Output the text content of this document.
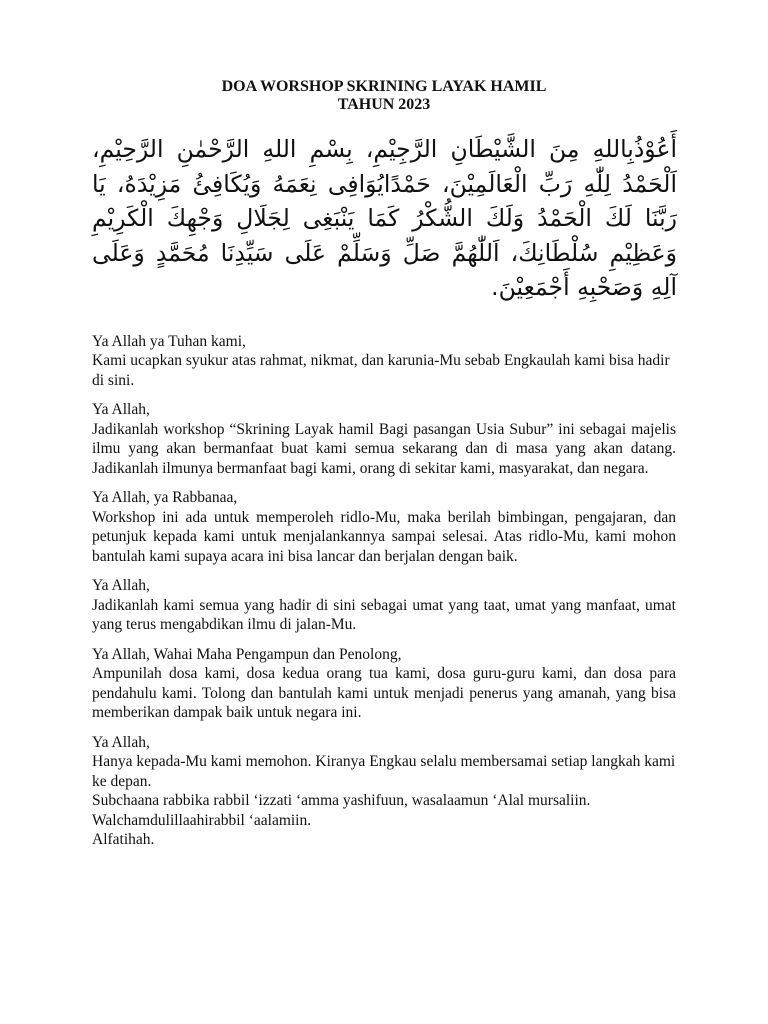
DOA WORSHOP SKRINING LAYAK HAMIL
TAHUN 2023
أَعُوْذُبِاللهِ مِنَ الشَّيْطَانِ الرَّجِيْمِ، بِسْمِ اللهِ الرَّحْمٰنِ الرَّحِيْمِ، اَلْحَمْدُ لِلّٰهِ رَبِّ الْعَالَمِيْنَ، حَمْدًايُوَافِى نِعَمَهُ وَيُكَافِئُ مَزِيْدَهُ، يَا رَبَّنَا لَكَ الْحَمْدُ وَلَكَ الشُّكْرُ كَمَا يَنْبَغِى لِجَلَالِ وَجْهِكَ الْكَرِيْمِ وَعَظِيْمِ سُلْطَانِكَ، اَللّٰهُمَّ صَلِّ وَسَلِّمْ عَلَى سَيِّدِنَا مُحَمَّدٍ وَعَلَى آلِهِ وَصَحْبِهِ أَجْمَعِيْنَ.
Ya Allah ya Tuhan kami,
Kami ucapkan syukur atas rahmat, nikmat, dan karunia-Mu sebab Engkaulah kami bisa hadir di sini.
Ya Allah,
Jadikanlah workshop “Skrining Layak hamil Bagi pasangan Usia Subur” ini sebagai majelis ilmu yang akan bermanfaat buat kami semua sekarang dan di masa yang akan datang. Jadikanlah ilmunya bermanfaat bagi kami, orang di sekitar kami, masyarakat, dan negara.
Ya Allah, ya Rabbanaa,
Workshop ini ada untuk memperoleh ridlo-Mu, maka berilah bimbingan, pengajaran, dan petunjuk kepada kami untuk menjalankannya sampai selesai. Atas ridlo-Mu, kami mohon bantulah kami supaya acara ini bisa lancar dan berjalan dengan baik.
Ya Allah,
Jadikanlah kami semua yang hadir di sini sebagai umat yang taat, umat yang manfaat, umat yang terus mengabdikan ilmu di jalan-Mu.
Ya Allah, Wahai Maha Pengampun dan Penolong,
Ampunilah dosa kami, dosa kedua orang tua kami, dosa guru-guru kami, dan dosa para pendahulu kami. Tolong dan bantulah kami untuk menjadi penerus yang amanah, yang bisa memberikan dampak baik untuk negara ini.
Ya Allah,
Hanya kepada-Mu kami memohon. Kiranya Engkau selalu membersamai setiap langkah kami ke depan.
Subchaana rabbika rabbil ‘izzati ‘amma yashifuun, wasalaamun ‘Alal mursaliin.
Walchamdulillaahirabbil ‘aalamiin.
Alfatihah.
